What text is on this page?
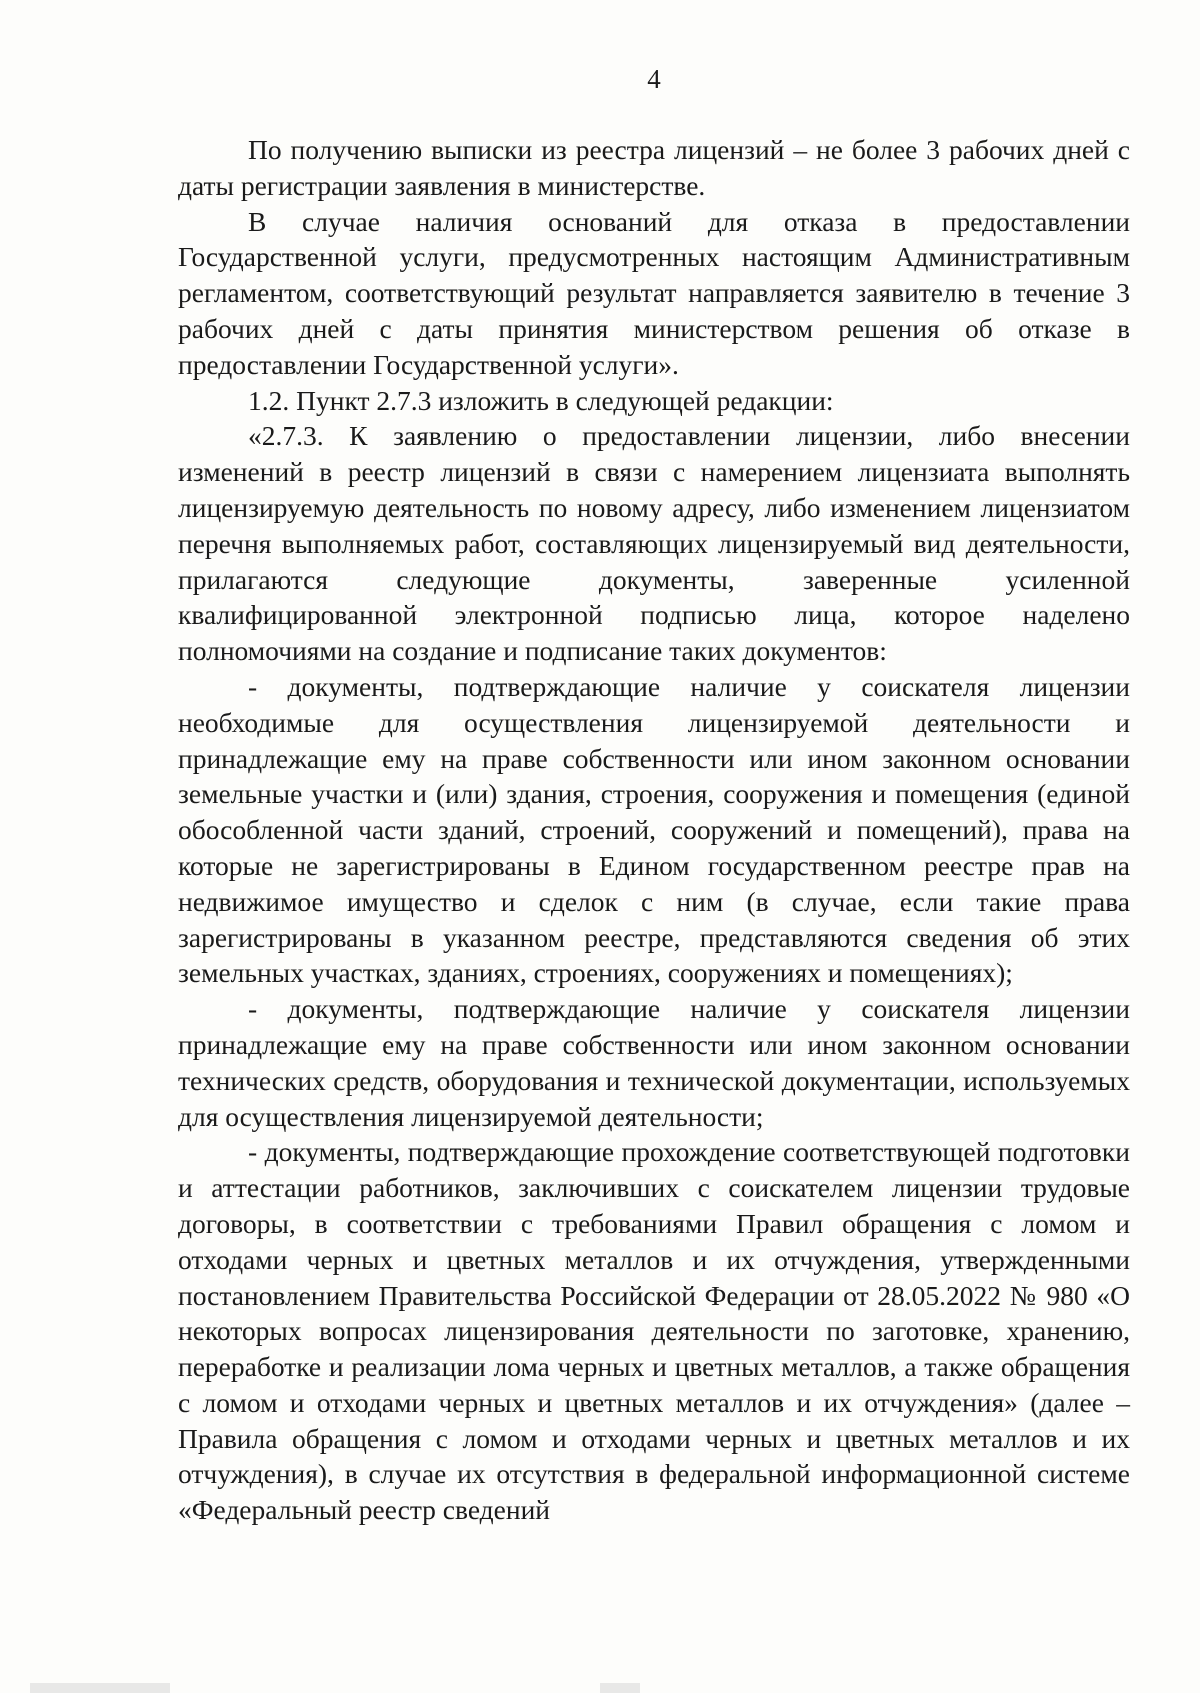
4

По получению выписки из реестра лицензий – не более 3 рабочих дней с даты регистрации заявления в министерстве.

В случае наличия оснований для отказа в предоставлении Государственной услуги, предусмотренных настоящим Административным регламентом, соответствующий результат направляется заявителю в течение 3 рабочих дней с даты принятия министерством решения об отказе в предоставлении Государственной услуги».

1.2. Пункт 2.7.3 изложить в следующей редакции:

«2.7.3. К заявлению о предоставлении лицензии, либо внесении изменений в реестр лицензий в связи с намерением лицензиата выполнять лицензируемую деятельность по новому адресу, либо изменением лицензиатом перечня выполняемых работ, составляющих лицензируемый вид деятельности, прилагаются следующие документы, заверенные усиленной квалифицированной электронной подписью лица, которое наделено полномочиями на создание и подписание таких документов:

- документы, подтверждающие наличие у соискателя лицензии необходимые для осуществления лицензируемой деятельности и принадлежащие ему на праве собственности или ином законном основании земельные участки и (или) здания, строения, сооружения и помещения (единой обособленной части зданий, строений, сооружений и помещений), права на которые не зарегистрированы в Едином государственном реестре прав на недвижимое имущество и сделок с ним (в случае, если такие права зарегистрированы в указанном реестре, представляются сведения об этих земельных участках, зданиях, строениях, сооружениях и помещениях);

- документы, подтверждающие наличие у соискателя лицензии принадлежащие ему на праве собственности или ином законном основании технических средств, оборудования и технической документации, используемых для осуществления лицензируемой деятельности;

- документы, подтверждающие прохождение соответствующей подготовки и аттестации работников, заключивших с соискателем лицензии трудовые договоры, в соответствии с требованиями Правил обращения с ломом и отходами черных и цветных металлов и их отчуждения, утвержденными постановлением Правительства Российской Федерации от 28.05.2022 № 980 «О некоторых вопросах лицензирования деятельности по заготовке, хранению, переработке и реализации лома черных и цветных металлов, а также обращения с ломом и отходами черных и цветных металлов и их отчуждения» (далее – Правила обращения с ломом и отходами черных и цветных металлов и их отчуждения), в случае их отсутствия в федеральной информационной системе «Федеральный реестр сведений
